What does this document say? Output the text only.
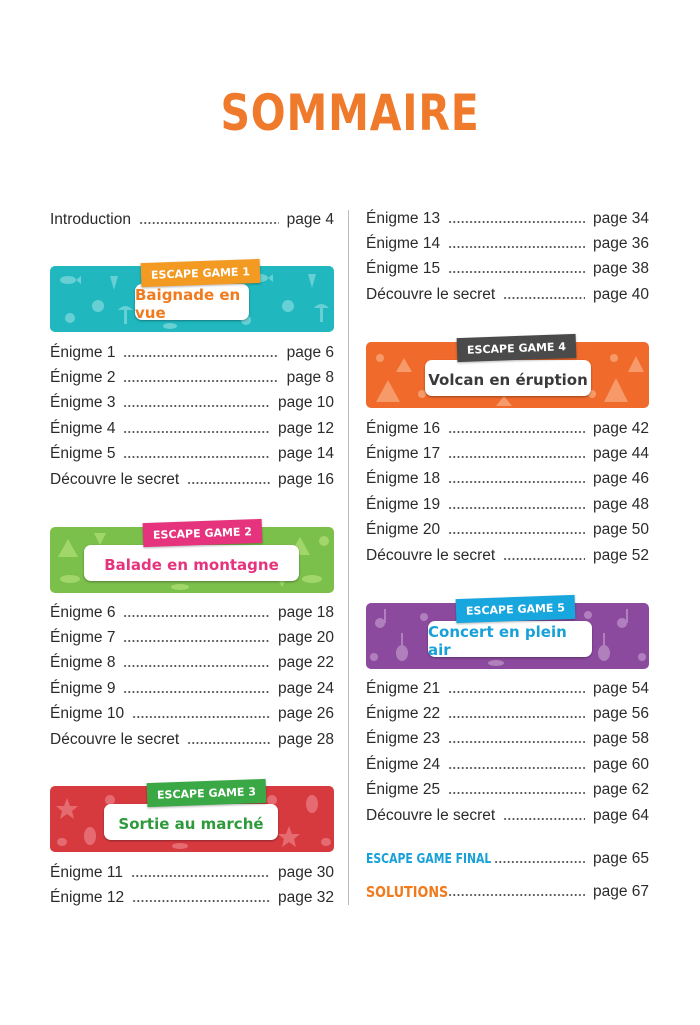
SOMMAIRE
Introduction	page 4
Baignade en vue
ESCAPE GAME 1
Énigme 1	page 6
Énigme 2	page 8
Énigme 3	page 10
Énigme 4	page 12
Énigme 5	page 14
Découvre le secret	page 16
Balade en montagne
ESCAPE GAME 2
Énigme 6	page 18
Énigme 7	page 20
Énigme 8	page 22
Énigme 9	page 24
Énigme 10	page 26
Découvre le secret	page 28
Sortie au marché
ESCAPE GAME 3
Énigme 11	page 30
Énigme 12	page 32
Énigme 13	page 34
Énigme 14	page 36
Énigme 15	page 38
Découvre le secret	page 40
Volcan en éruption
ESCAPE GAME 4
Énigme 16	page 42
Énigme 17	page 44
Énigme 18	page 46
Énigme 19	page 48
Énigme 20	page 50
Découvre le secret	page 52
Concert en plein air
ESCAPE GAME 5
Énigme 21	page 54
Énigme 22	page 56
Énigme 23	page 58
Énigme 24	page 60
Énigme 25	page 62
Découvre le secret	page 64
ESCAPE GAME FINAL	page 65
SOLUTIONS	page 67
